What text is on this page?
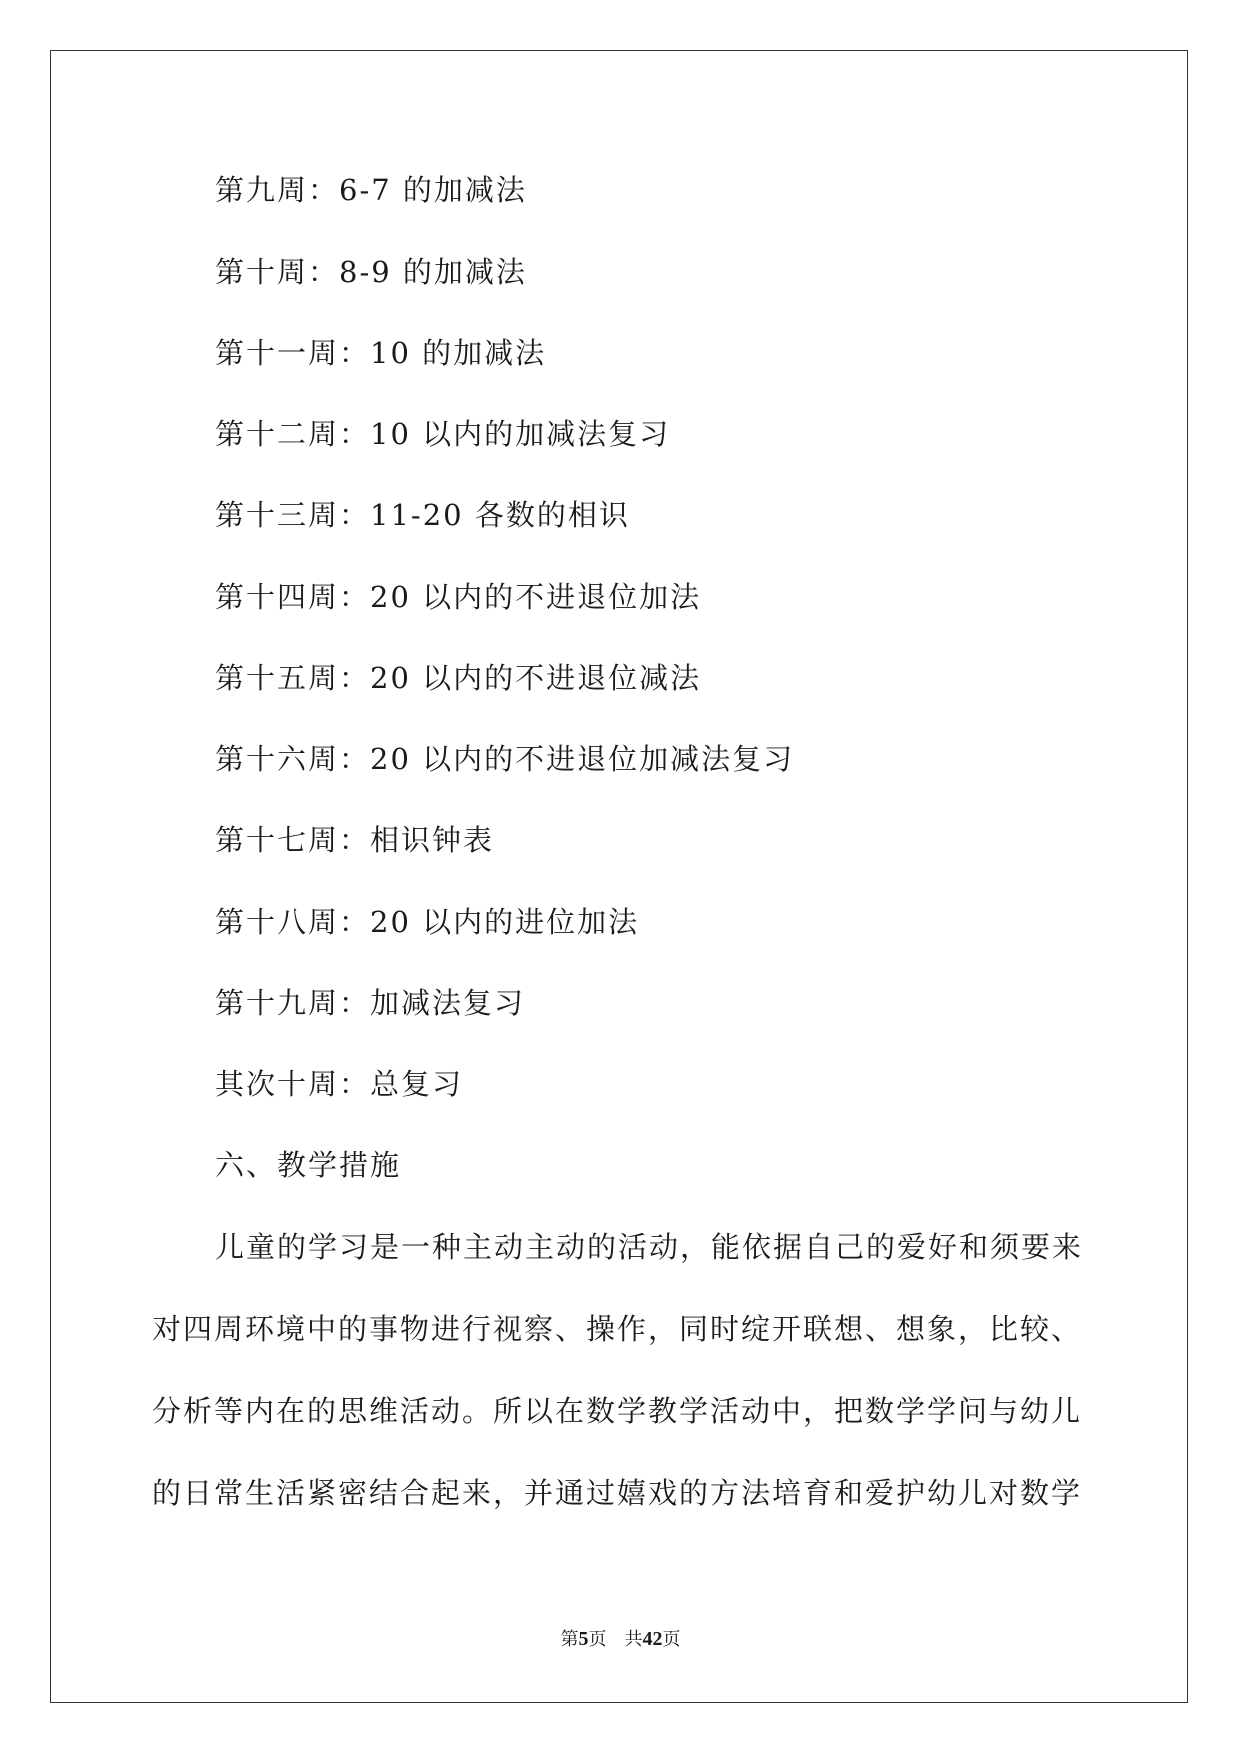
第九周：6-7 的加减法
第十周：8-9 的加减法
第十一周：10 的加减法
第十二周：10 以内的加减法复习
第十三周：11-20 各数的相识
第十四周：20 以内的不进退位加法
第十五周：20 以内的不进退位减法
第十六周：20 以内的不进退位加减法复习
第十七周：相识钟表
第十八周：20 以内的进位加法
第十九周：加减法复习
其次十周：总复习
六、教学措施
儿童的学习是一种主动主动的活动，能依据自己的爱好和须要来
对四周环境中的事物进行视察、操作，同时绽开联想、想象，比较、
分析等内在的思维活动。所以在数学教学活动中，把数学学问与幼儿
的日常生活紧密结合起来，并通过嬉戏的方法培育和爱护幼儿对数学
第5页　共42页
